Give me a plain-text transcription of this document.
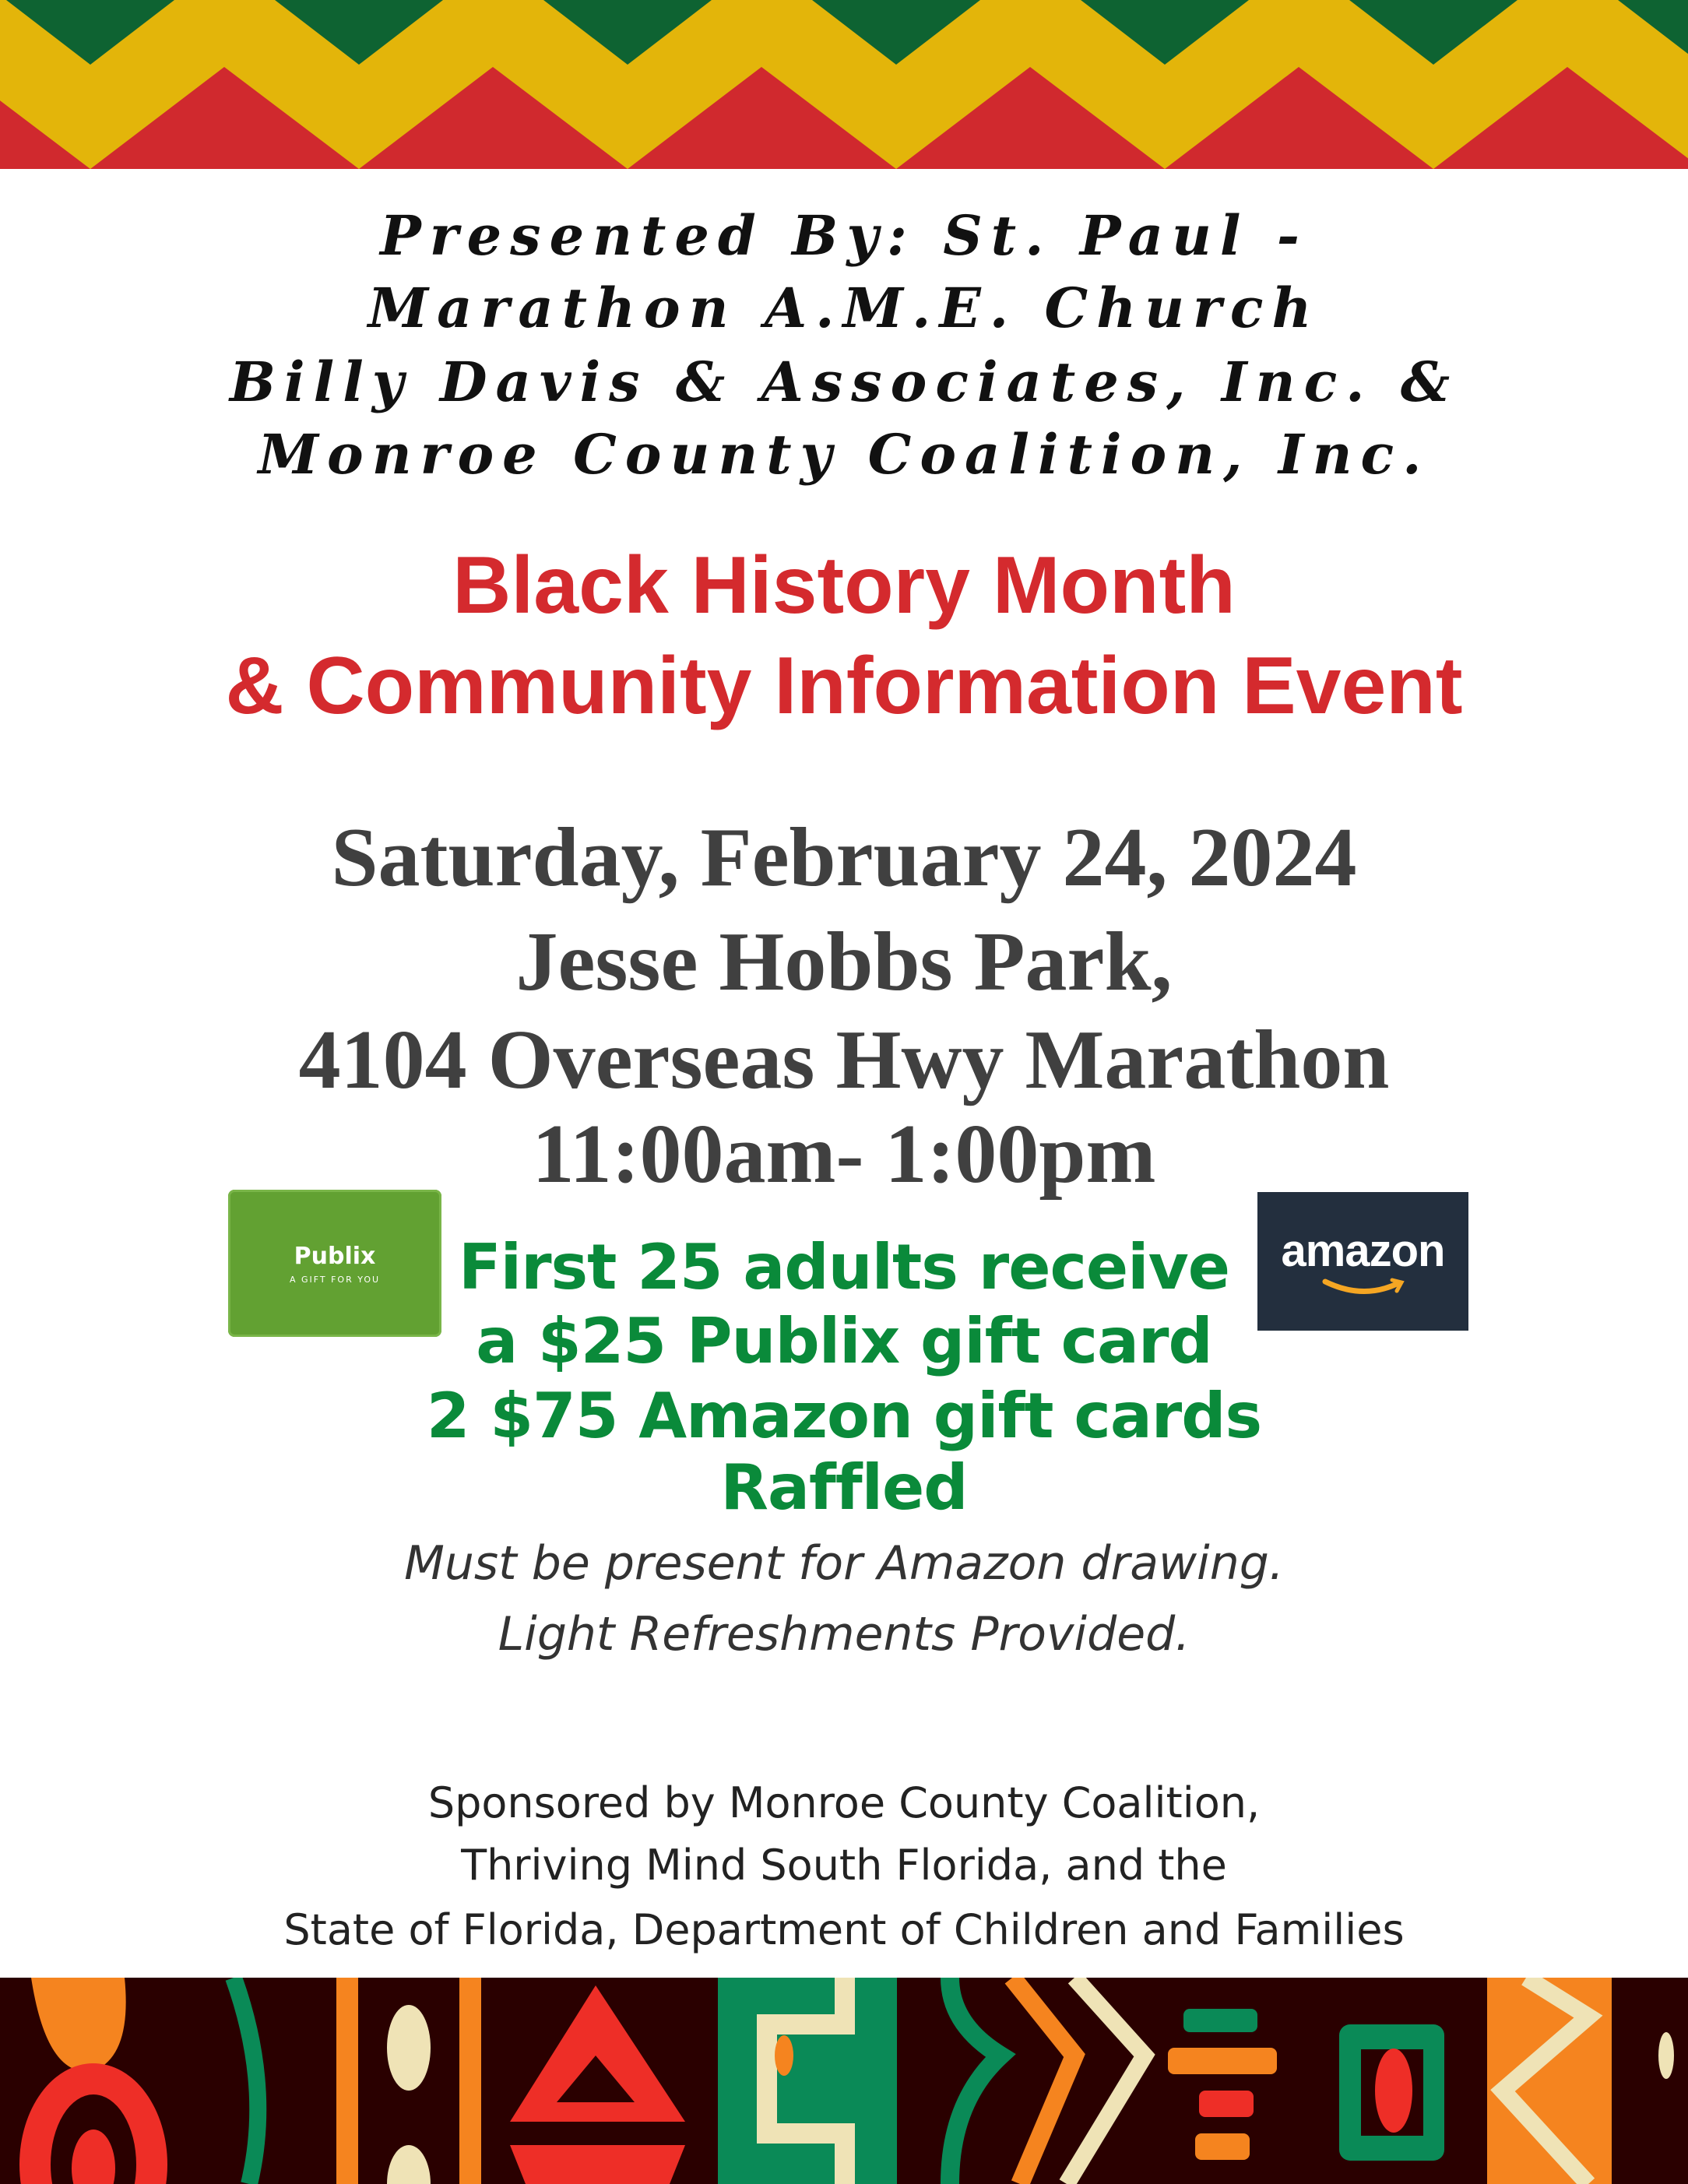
Presented By: St. Paul -
Marathon A.M.E. Church
Billy Davis & Associates, Inc. &
Monroe County Coalition, Inc.
Black History Month
& Community Information Event
Saturday, February 24, 2024
Jesse Hobbs Park,
4104 Overseas Hwy Marathon
11:00am- 1:00pm
Publix
A GIFT FOR YOU
amazon
First 25 adults receive
a $25 Publix gift card
2 $75 Amazon gift cards
Raffled
Must be present for Amazon drawing.
Light Refreshments Provided.
Sponsored by Monroe County Coalition,
Thriving Mind South Florida, and the
State of Florida, Department of Children and Families
